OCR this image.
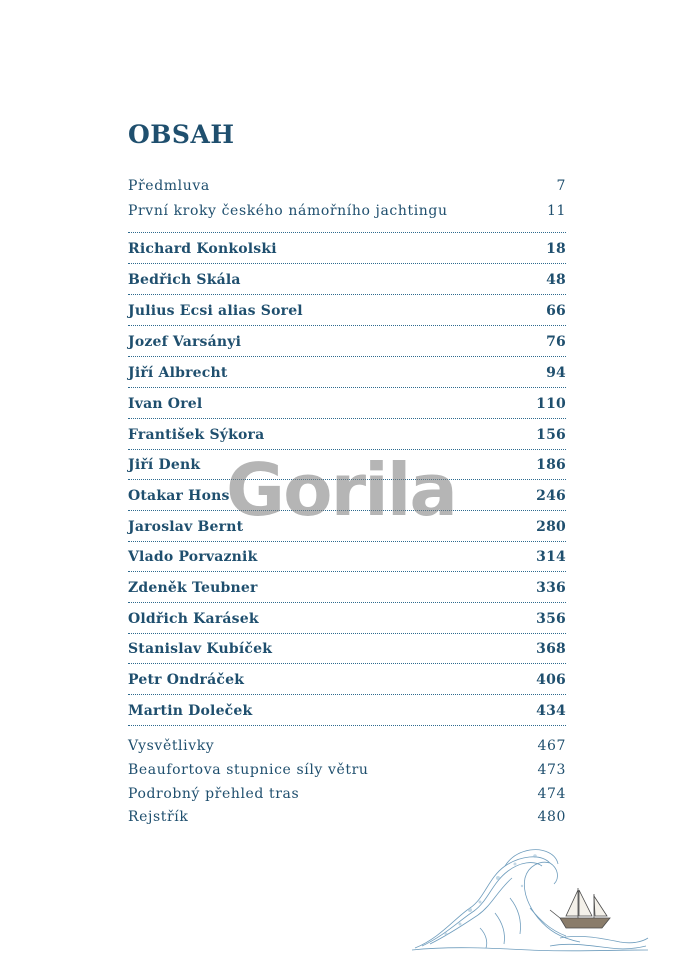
OBSAH
Předmluva	7
První kroky českého námořního jachtingu	11
Richard Konkolski	18
Bedřich Skála	48
Julius Ecsi alias Sorel	66
Jozef Varsányi	76
Jiří Albrecht	94
Ivan Orel	110
František Sýkora	156
Jiří Denk	186
Otakar Hons	246
Jaroslav Bernt	280
Vlado Porvaznik	314
Zdeněk Teubner	336
Oldřich Karásek	356
Stanislav Kubíček	368
Petr Ondráček	406
Martin Doleček	434
Vysvětlivky	467
Beaufortova stupnice síly větru	473
Podrobný přehled tras	474
Rejstřík	480
Gorila
